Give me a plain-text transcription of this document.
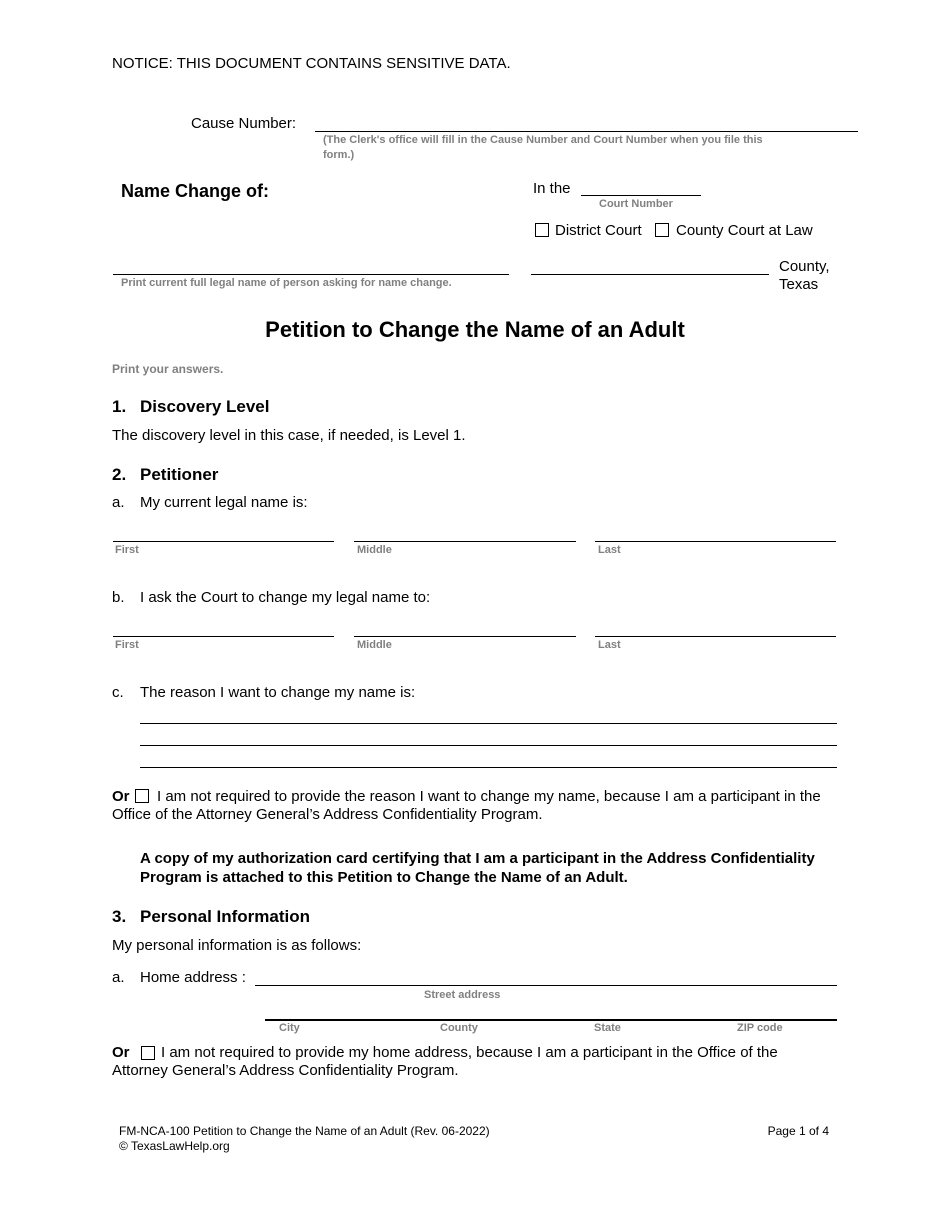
NOTICE: THIS DOCUMENT CONTAINS SENSITIVE DATA.
Cause Number:
(The Clerk's office will fill in the Cause Number and Court Number when you file this
form.)
Name Change of:	In the
Court Number
District Court County Court at Law
Print current full legal name of person asking for name change.
County,
Texas
Petition to Change the Name of an Adult
Print your answers.
1. Discovery Level
The discovery level in this case, if needed, is Level 1.
2. Petitioner
a. My current legal name is:
First	Middle	Last
b. I ask the Court to change my legal name to:
First	Middle	Last
c. The reason I want to change my name is:
Or I am not required to provide the reason I want to change my name, because I am a participant in the
Office of the Attorney General’s Address Confidentiality Program.
A copy of my authorization card certifying that I am a participant in the Address Confidentiality
Program is attached to this Petition to Change the Name of an Adult.
3. Personal Information
My personal information is as follows:
a. Home address :
Street address
City	County	State	ZIP code
Or I am not required to provide my home address, because I am a participant in the Office of the
Attorney General’s Address Confidentiality Program.
FM-NCA-100 Petition to Change the Name of an Adult (Rev. 06-2022)
© TexasLawHelp.org
Page 1 of 4
